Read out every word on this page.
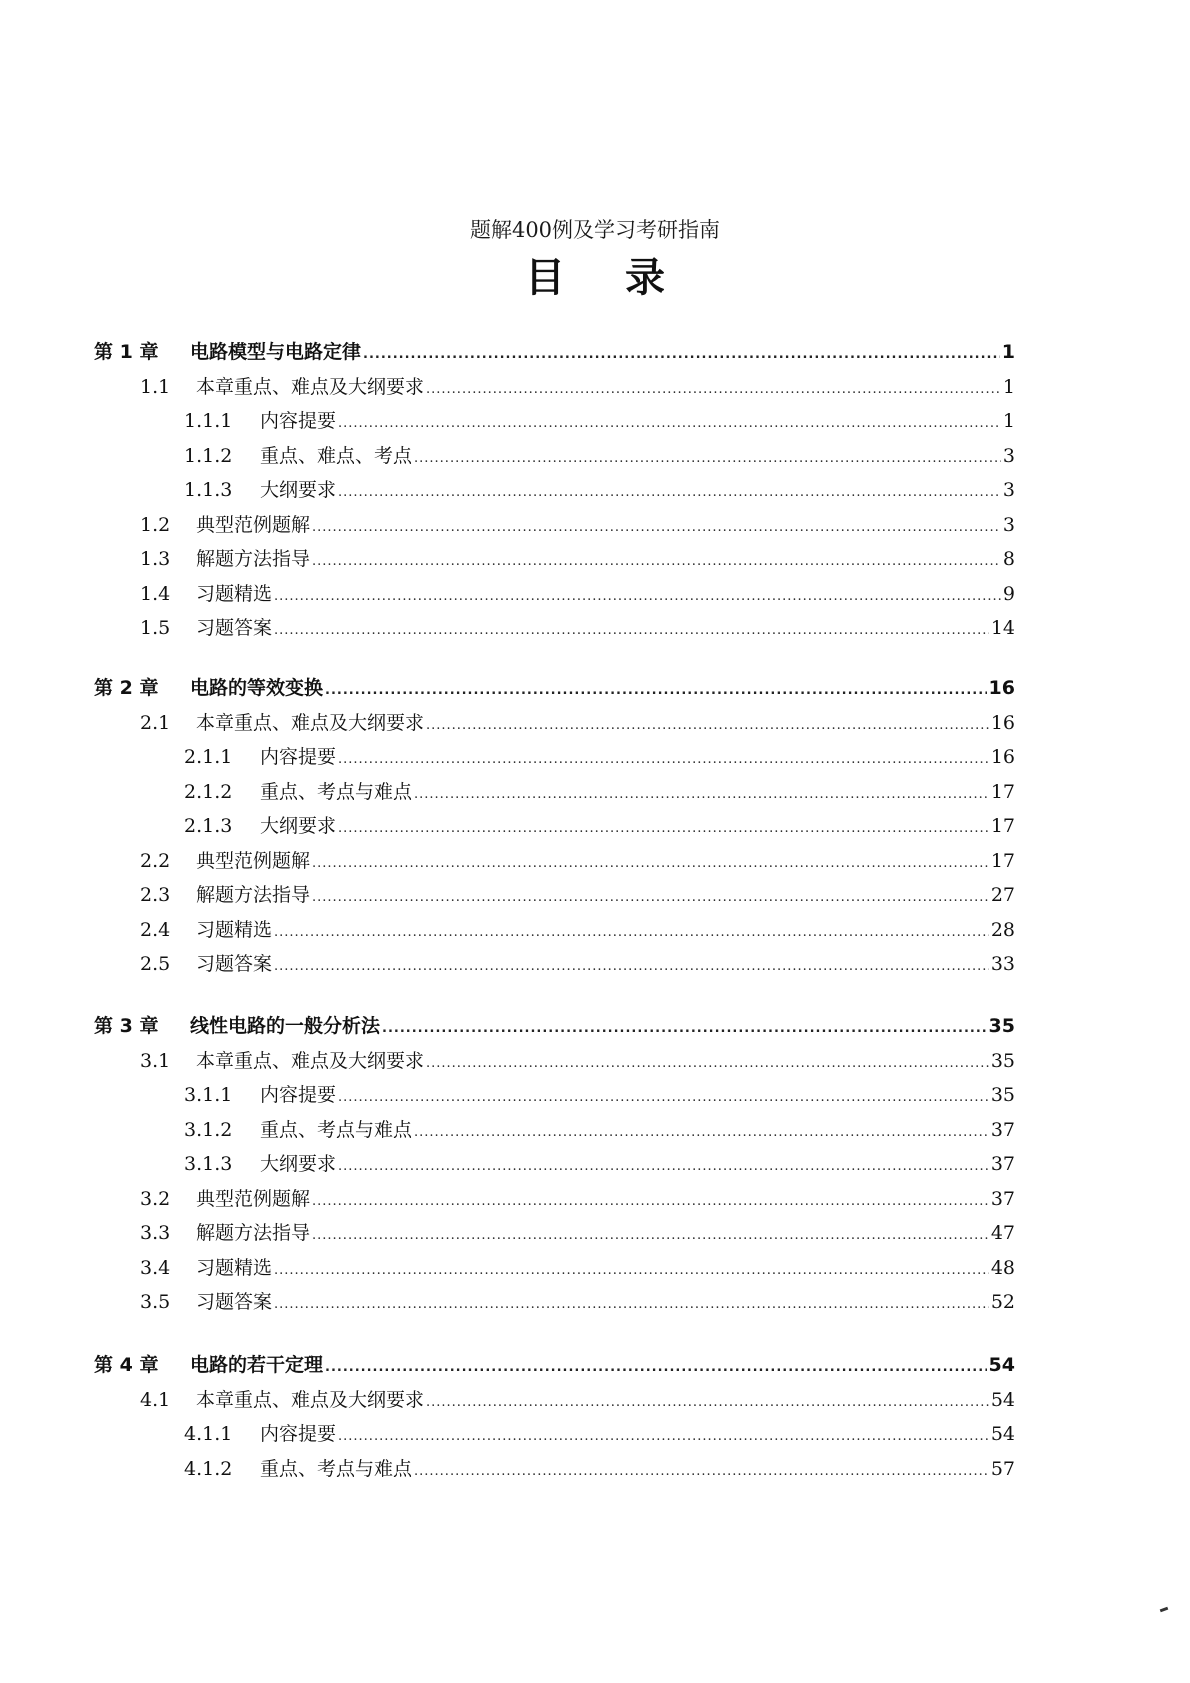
题解400例及学习考研指南
目录
第 1 章	电路模型与电路定律 .....	1
1.1	本章重点、难点及大纲要求 .....	1
1.1.1	内容提要 .....	1
1.1.2	重点、难点、考点 .....	3
1.1.3	大纲要求 .....	3
1.2	典型范例题解 .....	3
1.3	解题方法指导 .....	8
1.4	习题精选 .....	9
1.5	习题答案 .....	14
第 2 章	电路的等效变换 .....	16
2.1	本章重点、难点及大纲要求 .....	16
2.1.1	内容提要 .....	16
2.1.2	重点、考点与难点 .....	17
2.1.3	大纲要求 .....	17
2.2	典型范例题解 .....	17
2.3	解题方法指导 .....	27
2.4	习题精选 .....	28
2.5	习题答案 .....	33
第 3 章	线性电路的一般分析法 .....	35
3.1	本章重点、难点及大纲要求 .....	35
3.1.1	内容提要 .....	35
3.1.2	重点、考点与难点 .....	37
3.1.3	大纲要求 .....	37
3.2	典型范例题解 .....	37
3.3	解题方法指导 .....	47
3.4	习题精选 .....	48
3.5	习题答案 .....	52
第 4 章	电路的若干定理 .....	54
4.1	本章重点、难点及大纲要求 .....	54
4.1.1	内容提要 .....	54
4.1.2	重点、考点与难点 .....	57
